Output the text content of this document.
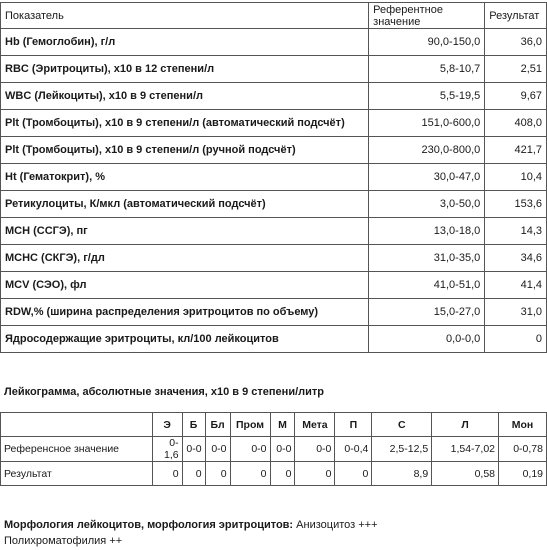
Показатель	Референтное значение	Результат
Hb (Гемоглобин), г/л	90,0-150,0	36,0
RBC (Эритроциты), x10 в 12 степени/л	5,8-10,7	2,51
WBC (Лейкоциты), x10 в 9 степени/л	5,5-19,5	9,67
Plt (Тромбоциты), x10 в 9 степени/л (автоматический подсчёт)	151,0-600,0	408,0
Plt (Тромбоциты), x10 в 9 степени/л (ручной подсчёт)	230,0-800,0	421,7
Ht (Гематокрит), %	30,0-47,0	10,4
Ретикулоциты, К/мкл (автоматический подсчёт)	3,0-50,0	153,6
MCH (ССГЭ), пг	13,0-18,0	14,3
MCHC (СКГЭ), г/дл	31,0-35,0	34,6
MCV (СЭО), фл	41,0-51,0	41,4
RDW,% (ширина распределения эритроцитов по объему)	15,0-27,0	31,0
Ядросодержащие эритроциты, кл/100 лейкоцитов	0,0-0,0	0
Лейкограмма, абсолютные значения, x10 в 9 степени/литр
	Э	Б	Бл	Пром	М	Мета	П	С	Л	Мон
Референсное значение	0-1,6	0-0	0-0	0-0	0-0	0-0	0-0,4	2,5-12,5	1,54-7,02	0-0,78
Результат	0	0	0	0	0	0	0	8,9	0,58	0,19
Морфология лейкоцитов, морфология эритроцитов: Анизоцитоз +++
Полихроматофилия ++
